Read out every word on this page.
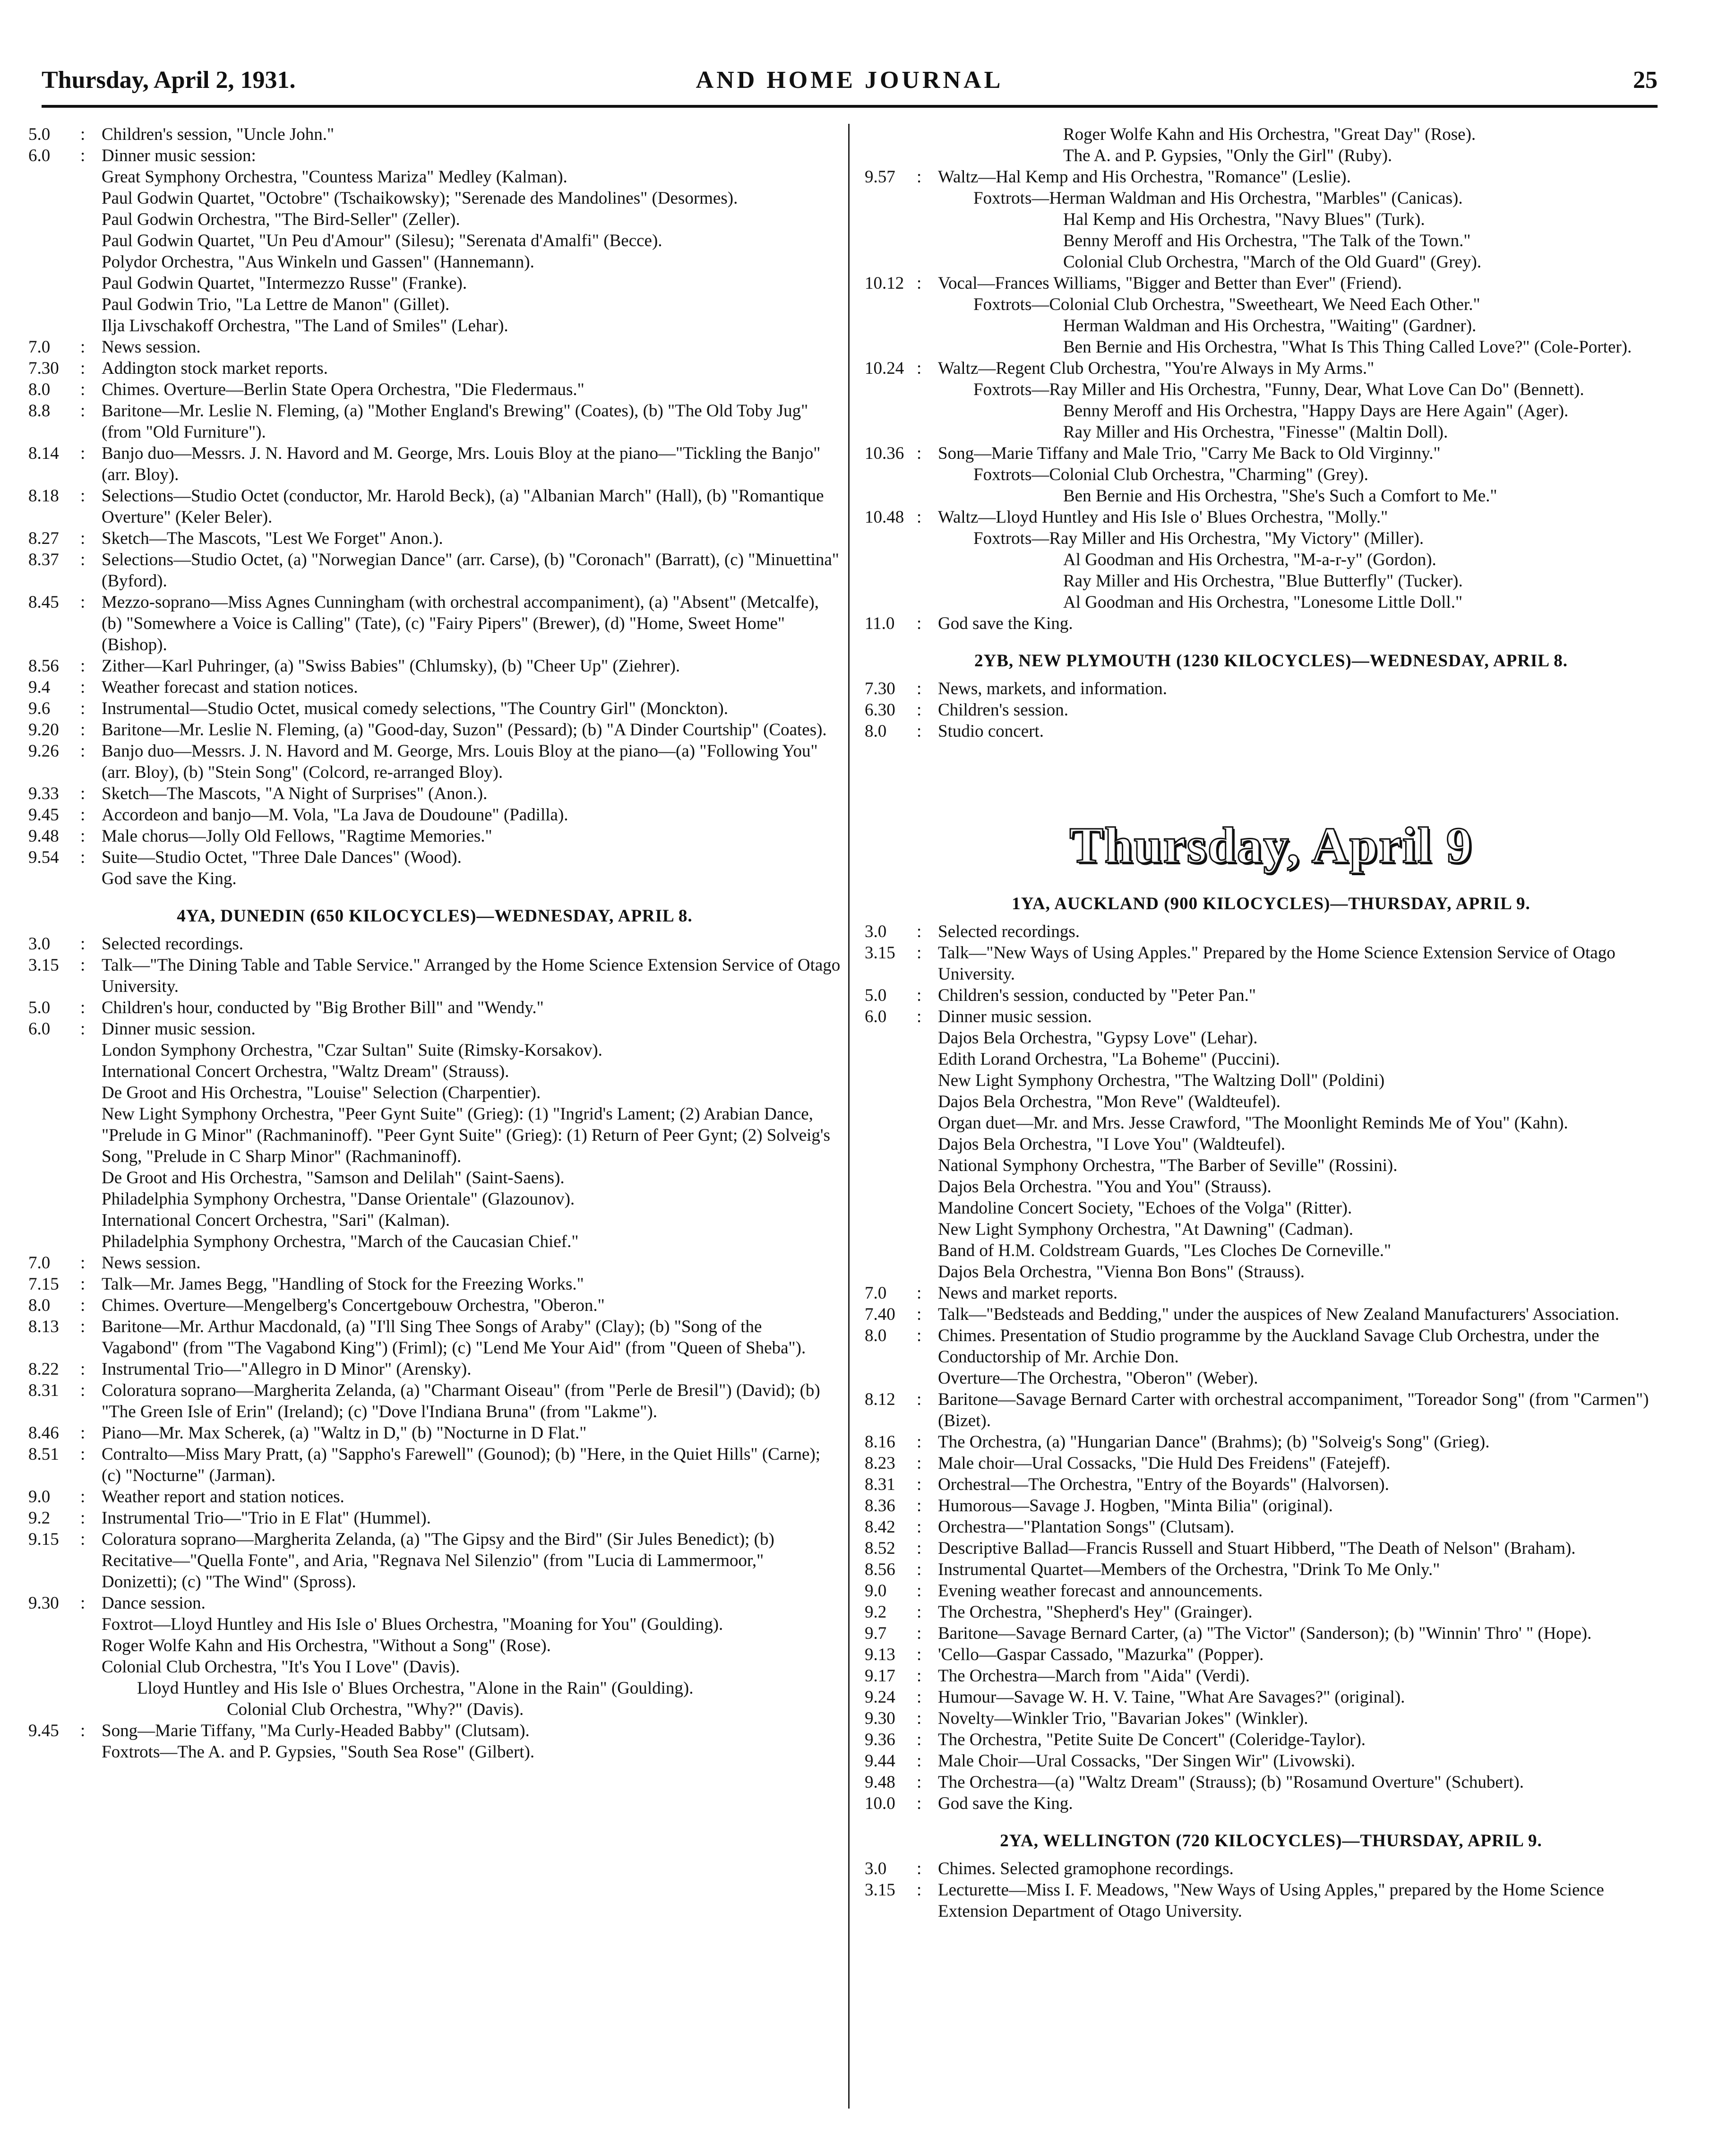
Thursday, April 2, 1931.	AND HOME JOURNAL	25
5.0	: Children's session, "Uncle John."
6.0	: Dinner music session:
Great Symphony Orchestra, "Countess Mariza" Medley (Kalman).
Paul Godwin Quartet, "Octobre" (Tschaikowsky); "Serenade des Mandolines" (Desormes).
Paul Godwin Orchestra, "The Bird-Seller" (Zeller).
Paul Godwin Quartet, "Un Peu d'Amour" (Silesu); "Serenata d'Amalfi" (Becce).
Polydor Orchestra, "Aus Winkeln und Gassen" (Hannemann).
Paul Godwin Quartet, "Intermezzo Russe" (Franke).
Paul Godwin Trio, "La Lettre de Manon" (Gillet).
Ilja Livschakoff Orchestra, "The Land of Smiles" (Lehar).
7.0	: News session.
7.30	: Addington stock market reports.
8.0	: Chimes. Overture—Berlin State Opera Orchestra, "Die Fledermaus."
8.8	: Baritone—Mr. Leslie N. Fleming, (a) "Mother England's Brewing" (Coates), (b) "The Old Toby Jug" (from "Old Furniture").
8.14	: Banjo duo—Messrs. J. N. Havord and M. George, Mrs. Louis Bloy at the piano—"Tickling the Banjo" (arr. Bloy).
8.18	: Selections—Studio Octet (conductor, Mr. Harold Beck), (a) "Albanian March" (Hall), (b) "Romantique Overture" (Keler Beler).
8.27	: Sketch—The Mascots, "Lest We Forget" Anon.).
8.37	: Selections—Studio Octet, (a) "Norwegian Dance" (arr. Carse), (b) "Coronach" (Barratt), (c) "Minuettina" (Byford).
8.45	: Mezzo-soprano—Miss Agnes Cunningham (with orchestral accompaniment), (a) "Absent" (Metcalfe), (b) "Somewhere a Voice is Calling" (Tate), (c) "Fairy Pipers" (Brewer), (d) "Home, Sweet Home" (Bishop).
8.56	: Zither—Karl Puhringer, (a) "Swiss Babies" (Chlumsky), (b) "Cheer Up" (Ziehrer).
9.4	: Weather forecast and station notices.
9.6	: Instrumental—Studio Octet, musical comedy selections, "The Country Girl" (Monckton).
9.20	: Baritone—Mr. Leslie N. Fleming, (a) "Good-day, Suzon" (Pessard); (b) "A Dinder Courtship" (Coates).
9.26	: Banjo duo—Messrs. J. N. Havord and M. George, Mrs. Louis Bloy at the piano—(a) "Following You" (arr. Bloy), (b) "Stein Song" (Colcord, re-arranged Bloy).
9.33	: Sketch—The Mascots, "A Night of Surprises" (Anon.).
9.45	: Accordeon and banjo—M. Vola, "La Java de Doudoune" (Padilla).
9.48	: Male chorus—Jolly Old Fellows, "Ragtime Memories."
9.54	: Suite—Studio Octet, "Three Dale Dances" (Wood).
God save the King.
4YA, DUNEDIN (650 KILOCYCLES)—WEDNESDAY, APRIL 8.
3.0	: Selected recordings.
3.15	: Talk—"The Dining Table and Table Service." Arranged by the Home Science Extension Service of Otago University.
5.0	: Children's hour, conducted by "Big Brother Bill" and "Wendy."
6.0	: Dinner music session.
London Symphony Orchestra, "Czar Sultan" Suite (Rimsky-Korsakov).
International Concert Orchestra, "Waltz Dream" (Strauss).
De Groot and His Orchestra, "Louise" Selection (Charpentier).
New Light Symphony Orchestra, "Peer Gynt Suite" (Grieg): (1) "Ingrid's Lament; (2) Arabian Dance, "Prelude in G Minor" (Rachmaninoff). "Peer Gynt Suite" (Grieg): (1) Return of Peer Gynt; (2) Solveig's Song, "Prelude in C Sharp Minor" (Rachmaninoff).
De Groot and His Orchestra, "Samson and Delilah" (Saint-Saens).
Philadelphia Symphony Orchestra, "Danse Orientale" (Glazounov).
International Concert Orchestra, "Sari" (Kalman).
Philadelphia Symphony Orchestra, "March of the Caucasian Chief."
7.0	: News session.
7.15	: Talk—Mr. James Begg, "Handling of Stock for the Freezing Works."
8.0	: Chimes. Overture—Mengelberg's Concertgebouw Orchestra, "Oberon."
8.13	: Baritone—Mr. Arthur Macdonald, (a) "I'll Sing Thee Songs of Araby" (Clay); (b) "Song of the Vagabond" (from "The Vagabond King") (Friml); (c) "Lend Me Your Aid" (from "Queen of Sheba").
8.22	: Instrumental Trio—"Allegro in D Minor" (Arensky).
8.31	: Coloratura soprano—Margherita Zelanda, (a) "Charmant Oiseau" (from "Perle de Bresil") (David); (b) "The Green Isle of Erin" (Ireland); (c) "Dove l'Indiana Bruna" (from "Lakme").
8.46	: Piano—Mr. Max Scherek, (a) "Waltz in D," (b) "Nocturne in D Flat."
8.51	: Contralto—Miss Mary Pratt, (a) "Sappho's Farewell" (Gounod); (b) "Here, in the Quiet Hills" (Carne); (c) "Nocturne" (Jarman).
9.0	: Weather report and station notices.
9.2	: Instrumental Trio—"Trio in E Flat" (Hummel).
9.15	: Coloratura soprano—Margherita Zelanda, (a) "The Gipsy and the Bird" (Sir Jules Benedict); (b) Recitative—"Quella Fonte", and Aria, "Regnava Nel Silenzio" (from "Lucia di Lammermoor," Donizetti); (c) "The Wind" (Spross).
9.30	: Dance session.
Foxtrot—Lloyd Huntley and His Isle o' Blues Orchestra, "Moaning for You" (Goulding).
Roger Wolfe Kahn and His Orchestra, "Without a Song" (Rose).
Colonial Club Orchestra, "It's You I Love" (Davis).
Lloyd Huntley and His Isle o' Blues Orchestra, "Alone in the Rain" (Goulding).
Colonial Club Orchestra, "Why?" (Davis).
9.45	: Song—Marie Tiffany, "Ma Curly-Headed Babby" (Clutsam).
Foxtrots—The A. and P. Gypsies, "South Sea Rose" (Gilbert).
Roger Wolfe Kahn and His Orchestra, "Great Day" (Rose).
The A. and P. Gypsies, "Only the Girl" (Ruby).
9.57	: Waltz—Hal Kemp and His Orchestra, "Romance" (Leslie).
Foxtrots—Herman Waldman and His Orchestra, "Marbles" (Canicas).
Hal Kemp and His Orchestra, "Navy Blues" (Turk).
Benny Meroff and His Orchestra, "The Talk of the Town."
Colonial Club Orchestra, "March of the Old Guard" (Grey).
10.12 : Vocal—Frances Williams, "Bigger and Better than Ever" (Friend).
Foxtrots—Colonial Club Orchestra, "Sweetheart, We Need Each Other."
Herman Waldman and His Orchestra, "Waiting" (Gardner).
Ben Bernie and His Orchestra, "What Is This Thing Called Love?" (Cole-Porter).
10.24 : Waltz—Regent Club Orchestra, "You're Always in My Arms."
Foxtrots—Ray Miller and His Orchestra, "Funny, Dear, What Love Can Do" (Bennett).
Benny Meroff and His Orchestra, "Happy Days are Here Again" (Ager).
Ray Miller and His Orchestra, "Finesse" (Maltin Doll).
10.36 : Song—Marie Tiffany and Male Trio, "Carry Me Back to Old Virginny."
Foxtrots—Colonial Club Orchestra, "Charming" (Grey).
Ben Bernie and His Orchestra, "She's Such a Comfort to Me."
10.48 : Waltz—Lloyd Huntley and His Isle o' Blues Orchestra, "Molly."
Foxtrots—Ray Miller and His Orchestra, "My Victory" (Miller).
Al Goodman and His Orchestra, "M-a-r-y" (Gordon).
Ray Miller and His Orchestra, "Blue Butterfly" (Tucker).
Al Goodman and His Orchestra, "Lonesome Little Doll."
11.0	: God save the King.
2YB, NEW PLYMOUTH (1230 KILOCYCLES)—WEDNESDAY, APRIL 8.
7.30	: News, markets, and information.
6.30	: Children's session.
8.0	: Studio concert.
Thursday, April 9
1YA, AUCKLAND (900 KILOCYCLES)—THURSDAY, APRIL 9.
3.0	: Selected recordings.
3.15	: Talk—"New Ways of Using Apples." Prepared by the Home Science Extension Service of Otago University.
5.0	: Children's session, conducted by "Peter Pan."
6.0	: Dinner music session.
Dajos Bela Orchestra, "Gypsy Love" (Lehar).
Edith Lorand Orchestra, "La Boheme" (Puccini).
New Light Symphony Orchestra, "The Waltzing Doll" (Poldini)
Dajos Bela Orchestra, "Mon Reve" (Waldteufel).
Organ duet—Mr. and Mrs. Jesse Crawford, "The Moonlight Reminds Me of You" (Kahn).
Dajos Bela Orchestra, "I Love You" (Waldteufel).
National Symphony Orchestra, "The Barber of Seville" (Rossini).
Dajos Bela Orchestra. "You and You" (Strauss).
Mandoline Concert Society, "Echoes of the Volga" (Ritter).
New Light Symphony Orchestra, "At Dawning" (Cadman).
Band of H.M. Coldstream Guards, "Les Cloches De Corneville."
Dajos Bela Orchestra, "Vienna Bon Bons" (Strauss).
7.0	: News and market reports.
7.40	: Talk—"Bedsteads and Bedding," under the auspices of New Zealand Manufacturers' Association.
8.0	: Chimes. Presentation of Studio programme by the Auckland Savage Club Orchestra, under the Conductorship of Mr. Archie Don.
Overture—The Orchestra, "Oberon" (Weber).
8.12	: Baritone—Savage Bernard Carter with orchestral accompaniment, "Toreador Song" (from "Carmen") (Bizet).
8.16	: The Orchestra, (a) "Hungarian Dance" (Brahms); (b) "Solveig's Song" (Grieg).
8.23	: Male choir—Ural Cossacks, "Die Huld Des Freidens" (Fatejeff).
8.31	: Orchestral—The Orchestra, "Entry of the Boyards" (Halvorsen).
8.36	: Humorous—Savage J. Hogben, "Minta Bilia" (original).
8.42	: Orchestra—"Plantation Songs" (Clutsam).
8.52	: Descriptive Ballad—Francis Russell and Stuart Hibberd, "The Death of Nelson" (Braham).
8.56	: Instrumental Quartet—Members of the Orchestra, "Drink To Me Only."
9.0	: Evening weather forecast and announcements.
9.2	: The Orchestra, "Shepherd's Hey" (Grainger).
9.7	: Baritone—Savage Bernard Carter, (a) "The Victor" (Sanderson); (b) "Winnin' Thro' " (Hope).
9.13	: 'Cello—Gaspar Cassado, "Mazurka" (Popper).
9.17	: The Orchestra—March from "Aida" (Verdi).
9.24	: Humour—Savage W. H. V. Taine, "What Are Savages?" (original).
9.30	: Novelty—Winkler Trio, "Bavarian Jokes" (Winkler).
9.36	: The Orchestra, "Petite Suite De Concert" (Coleridge-Taylor).
9.44	: Male Choir—Ural Cossacks, "Der Singen Wir" (Livowski).
9.48	: The Orchestra—(a) "Waltz Dream" (Strauss); (b) "Rosamund Overture" (Schubert).
10.0	: God save the King.
2YA, WELLINGTON (720 KILOCYCLES)—THURSDAY, APRIL 9.
3.0	: Chimes. Selected gramophone recordings.
3.15	: Lecturette—Miss I. F. Meadows, "New Ways of Using Apples," prepared by the Home Science Extension Department of Otago University.
